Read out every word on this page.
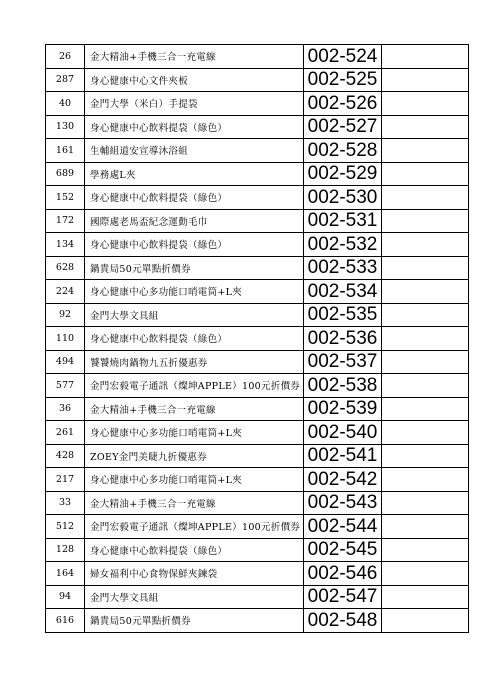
26	金大精油+手機三合一充電線	002-524	
287	身心健康中心文件夾板	002-525	
40	金門大學（米白）手提袋	002-526	
130	身心健康中心飲料提袋（綠色）	002-527	
161	生輔組道安宣導沐浴組	002-528	
689	學務處L夾	002-529	
152	身心健康中心飲料提袋（綠色）	002-530	
172	國際處老馬盃紀念運動毛巾	002-531	
134	身心健康中心飲料提袋（綠色）	002-532	
628	鍋貴局50元單點折價券	002-533	
224	身心健康中心多功能口哨電筒+L夾	002-534	
92	金門大學文具組	002-535	
110	身心健康中心飲料提袋（綠色）	002-536	
494	饕饕燒肉鍋物九五折優惠券	002-537	
577	金門宏毅電子通訊（燦坤APPLE）100元折價券	002-538	
36	金大精油+手機三合一充電線	002-539	
261	身心健康中心多功能口哨電筒+L夾	002-540	
428	ZOEY金門美睫九折優惠券	002-541	
217	身心健康中心多功能口哨電筒+L夾	002-542	
33	金大精油+手機三合一充電線	002-543	
512	金門宏毅電子通訊（燦坤APPLE）100元折價券	002-544	
128	身心健康中心飲料提袋（綠色）	002-545	
164	婦女福利中心食物保鮮夾鍊袋	002-546	
94	金門大學文具組	002-547	
616	鍋貴局50元單點折價券	002-548	
